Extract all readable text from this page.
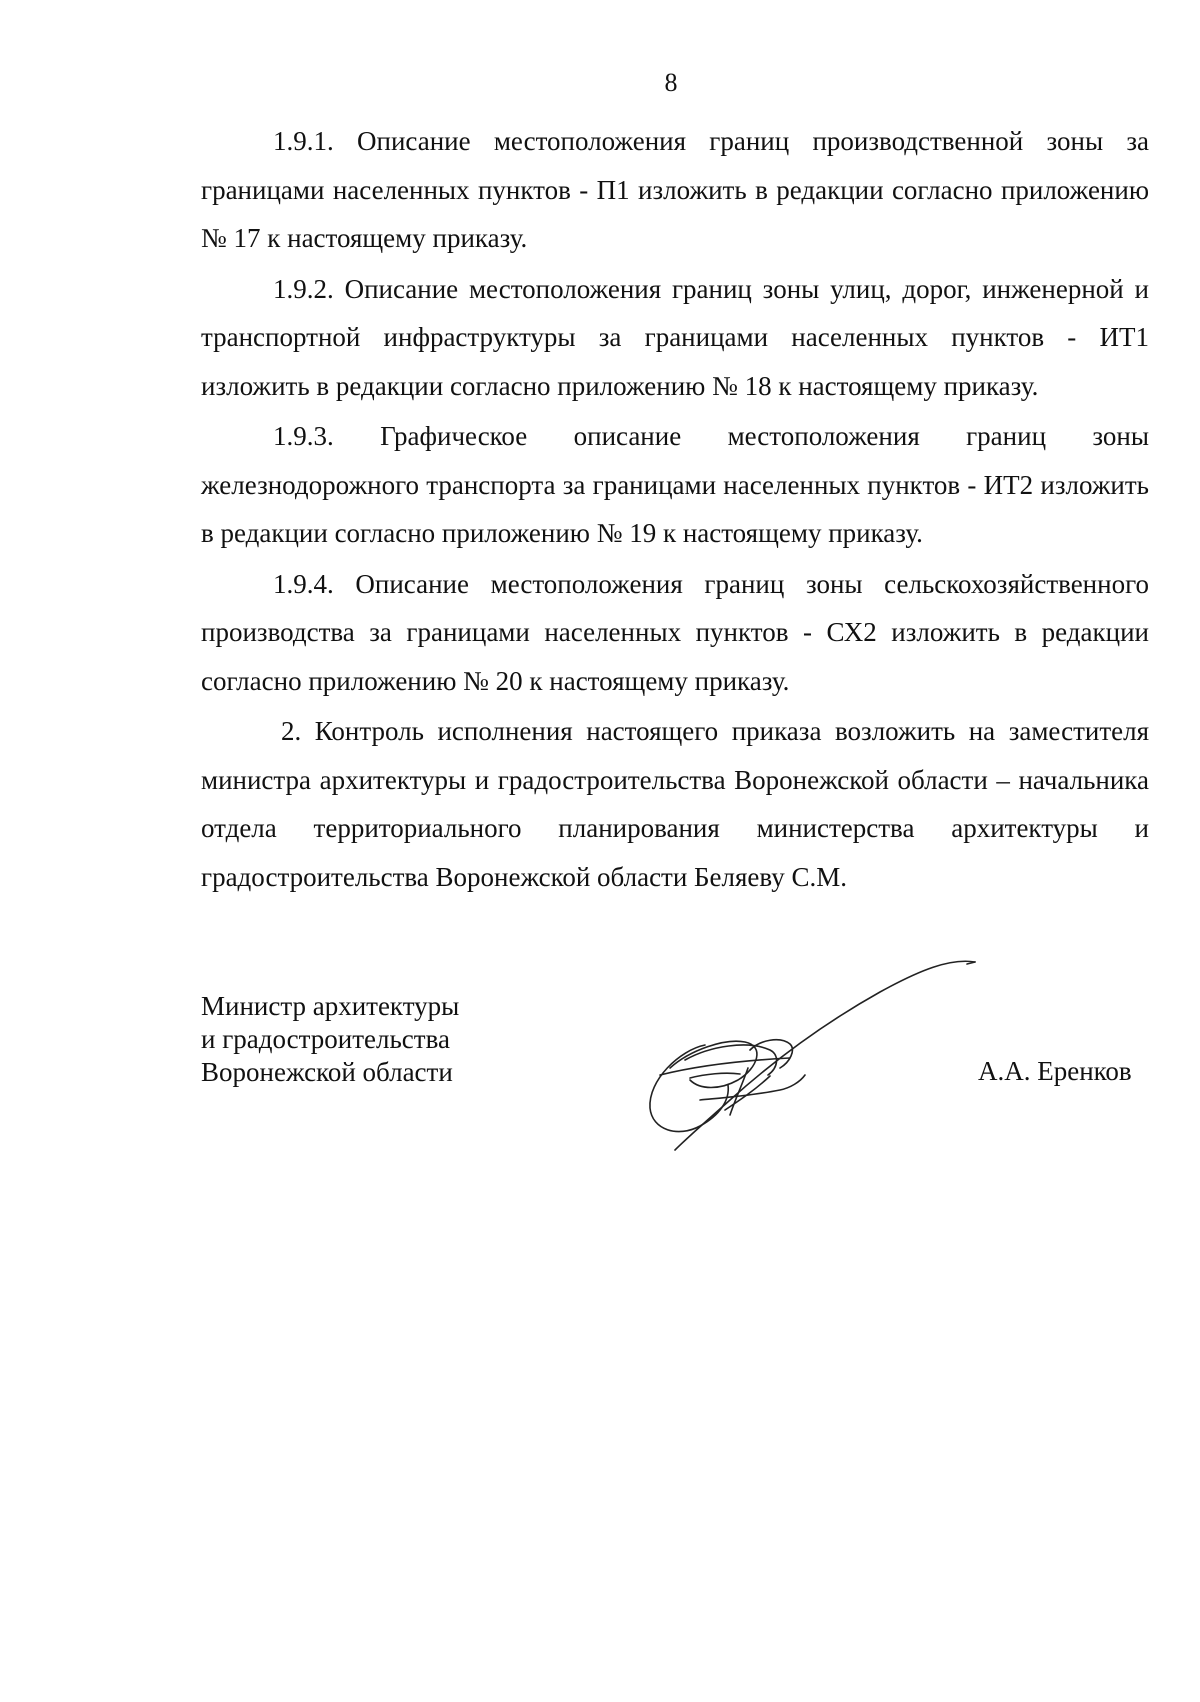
8

1.9.1. Описание местоположения границ производственной зоны за границами населенных пунктов - П1 изложить в редакции согласно приложению № 17 к настоящему приказу.

1.9.2. Описание местоположения границ зоны улиц, дорог, инженерной и транспортной инфраструктуры за границами населенных пунктов - ИТ1 изложить в редакции согласно приложению № 18 к настоящему приказу.

1.9.3. Графическое описание местоположения границ зоны железнодорожного транспорта за границами населенных пунктов - ИТ2 изложить в редакции согласно приложению № 19 к настоящему приказу.

1.9.4. Описание местоположения границ зоны сельскохозяйственного производства за границами населенных пунктов - СХ2 изложить в редакции согласно приложению № 20 к настоящему приказу.

2. Контроль исполнения настоящего приказа возложить на заместителя министра архитектуры и градостроительства Воронежской области – начальника отдела территориального планирования министерства архитектуры и градостроительства Воронежской области Беляеву С.М.

Министр архитектуры
и градостроительства
Воронежской области	А.А. Еренков
